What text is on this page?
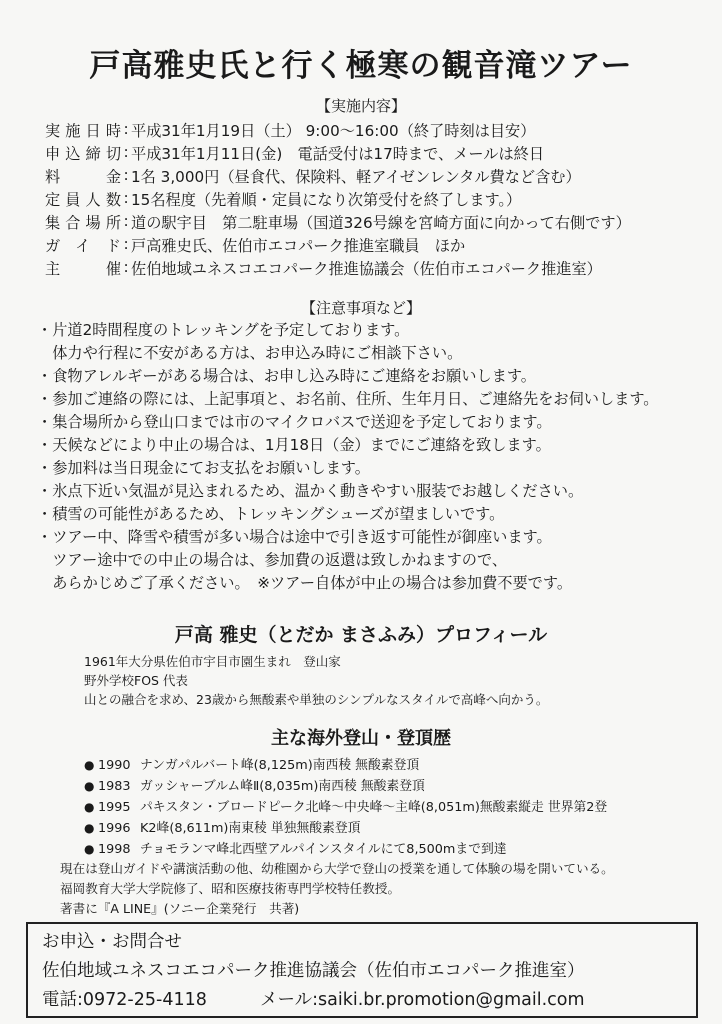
戸高雅史氏と行く極寒の観音滝ツアー
【実施内容】
実施日時 : 平成31年1月19日（土） 9:00～16:00（終了時刻は目安）
申込締切 : 平成31年1月11日(金)　電話受付は17時まで、メールは終日
料金 : 1名 3,000円（昼食代、保険料、軽アイゼンレンタル費など含む）
定員人数 : 15名程度（先着順・定員になり次第受付を終了します。）
集合場所 : 道の駅宇目　第二駐車場（国道326号線を宮崎方面に向かって右側です）
ガイド : 戸高雅史氏、佐伯市エコパーク推進室職員　ほか
主催 : 佐伯地域ユネスコエコパーク推進協議会（佐伯市エコパーク推進室）
【注意事項など】
・片道2時間程度のトレッキングを予定しております。
　体力や行程に不安がある方は、お申込み時にご相談下さい。
・食物アレルギーがある場合は、お申し込み時にご連絡をお願いします。
・参加ご連絡の際には、上記事項と、お名前、住所、生年月日、ご連絡先をお伺いします。
・集合場所から登山口までは市のマイクロバスで送迎を予定しております。
・天候などにより中止の場合は、1月18日（金）までにご連絡を致します。
・参加料は当日現金にてお支払をお願いします。
・氷点下近い気温が見込まれるため、温かく動きやすい服装でお越しください。
・積雪の可能性があるため、トレッキングシューズが望ましいです。
・ツアー中、降雪や積雪が多い場合は途中で引き返す可能性が御座います。
　ツアー途中での中止の場合は、参加費の返還は致しかねますので、
　あらかじめご了承ください。　※ツアー自体が中止の場合は参加費不要です。
戸高 雅史（とだか まさふみ）プロフィール
1961年大分県佐伯市宇目市園生まれ　登山家
野外学校FOS 代表
山との融合を求め、23歳から無酸素や単独のシンプルなスタイルで高峰へ向かう。
主な海外登山・登頂歴
● 1990 ナンガパルバート峰(8,125m)南西稜 無酸素登頂
● 1983 ガッシャーブルム峰Ⅱ(8,035m)南西稜 無酸素登頂
● 1995 パキスタン・ブロードピーク北峰～中央峰～主峰(8,051m)無酸素縦走 世界第2登
● 1996 K2峰(8,611m)南東稜 単独無酸素登頂
● 1998 チョモランマ峰北西壁アルパインスタイルにて8,500mまで到達
現在は登山ガイドや講演活動の他、幼稚園から大学で登山の授業を通して体験の場を開いている。
福岡教育大学大学院修了、昭和医療技術専門学校特任教授。
著書に『A LINE』(ソニー企業発行　共著)
お申込・お問合せ
佐伯地域ユネスコエコパーク推進協議会（佐伯市エコパーク推進室）
電話:0972-25-4118	メール:saiki.br.promotion@gmail.com
